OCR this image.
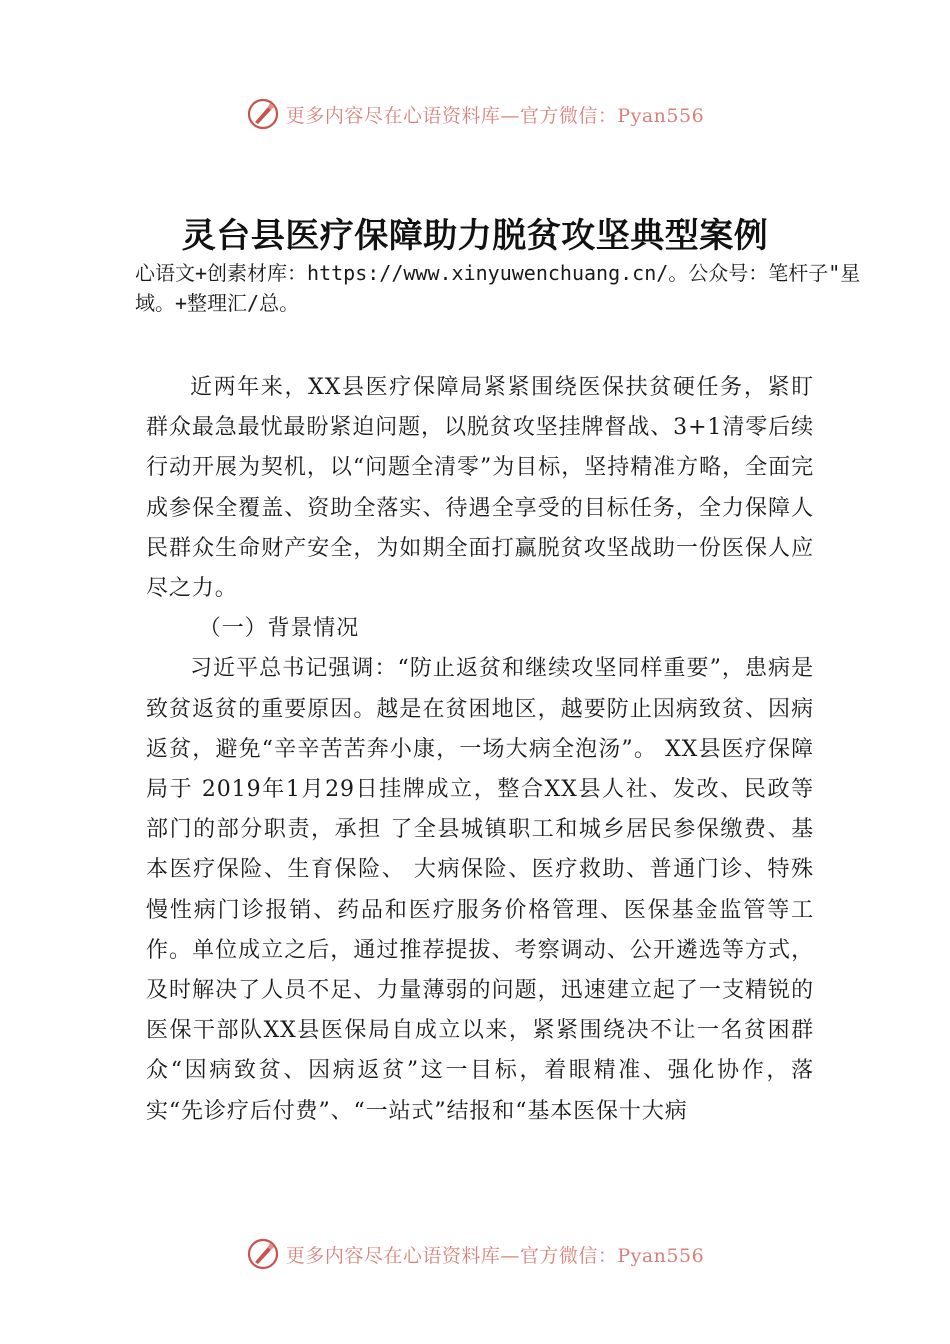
更多内容尽在心语资料库—官方微信：Pyan556
灵台县医疗保障助力脱贫攻坚典型案例

心语文+创素材库：https://www.xinyuwenchuang.cn/。公众号：笔杆子"星域。+整理汇/总。

近两年来，XX县医疗保障局紧紧围绕医保扶贫硬任务，紧盯群众最急最忧最盼紧迫问题，以脱贫攻坚挂牌督战、3+1清零后续行动开展为契机，以“问题全清零”为目标，坚持精准方略，全面完成参保全覆盖、资助全落实、待遇全享受的目标任务，全力保障人民群众生命财产安全，为如期全面打赢脱贫攻坚战助一份医保人应尽之力。

（一）背景情况

习近平总书记强调：“防止返贫和继续攻坚同样重要”，患病是致贫返贫的重要原因。越是在贫困地区，越要防止因病致贫、因病返贫，避免“辛辛苦苦奔小康，一场大病全泡汤”。 XX县医疗保障局于 2019年1月29日挂牌成立，整合XX县人社、发改、民政等部门的部分职责，承担 了全县城镇职工和城乡居民参保缴费、基本医疗保险、生育保险、 大病保险、医疗救助、普通门诊、特殊慢性病门诊报销、药品和医疗服务价格管理、医保基金监管等工作。单位成立之后，通过推荐提拔、考察调动、公开遴选等方式，及时解决了人员不足、力量薄弱的问题，迅速建立起了一支精锐的医保干部队XX县医保局自成立以来，紧紧围绕决不让一名贫困群众“因病致贫、因病返贫”这一目标，着眼精准、强化协作，落实“先诊疗后付费”、“一站式”结报和“基本医保十大病

更多内容尽在心语资料库—官方微信：Pyan556
